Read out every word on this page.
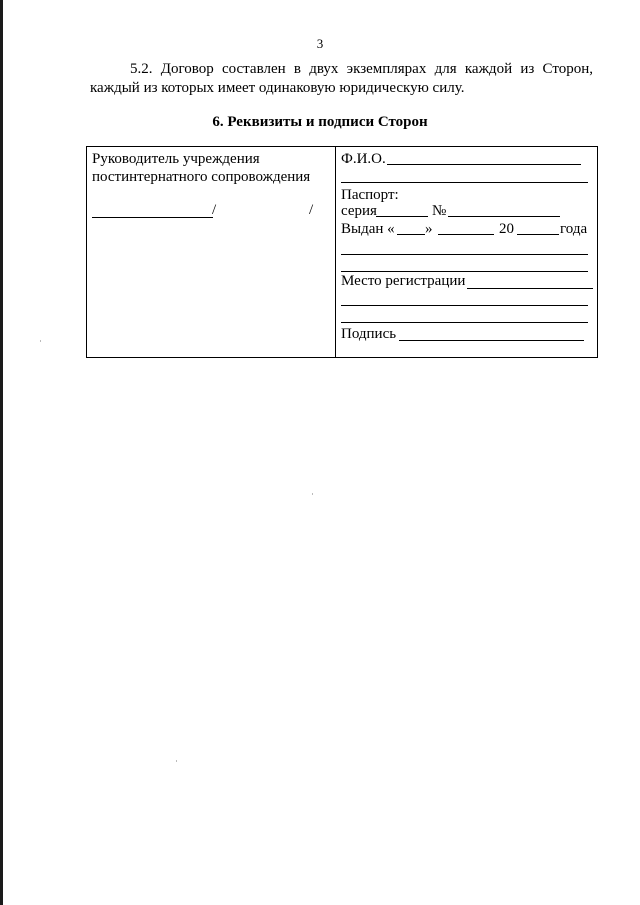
3
5.2. Договор составлен в двух экземплярах для каждой из Сторон,
каждый из которых имеет одинаковую юридическую силу.
6. Реквизиты и подписи Сторон
Руководитель учреждения
постинтернатного сопровождения
/	/
Ф.И.О.
Паспорт:
серия	№
Выдан « »	20	года
Место регистрации
Подпись
